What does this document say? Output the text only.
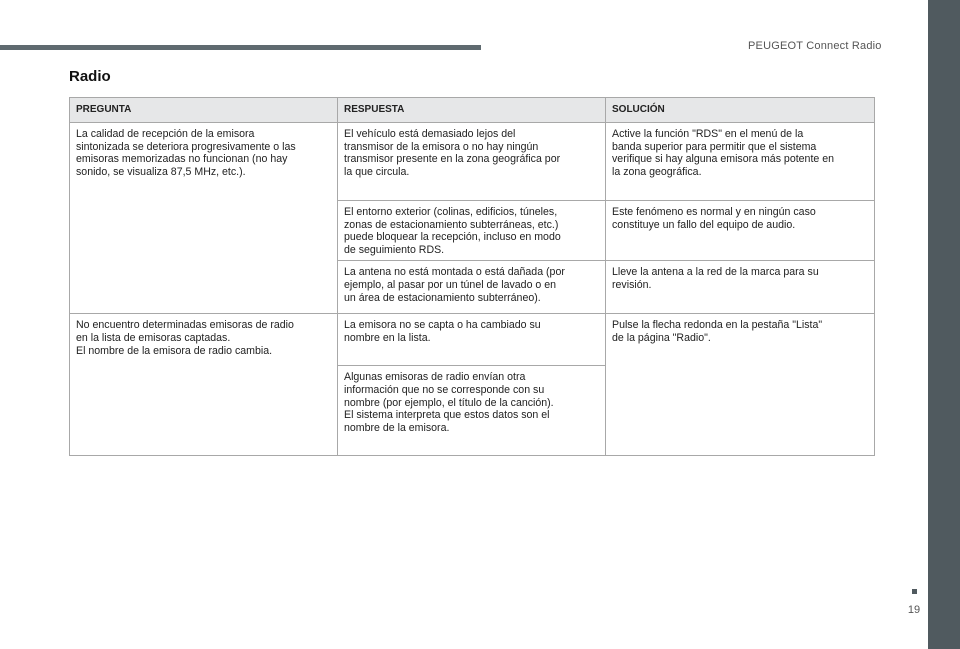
PEUGEOT Connect Radio
Radio
PREGUNTA	RESPUESTA	SOLUCIÓN

La calidad de recepción de la emisora
sintonizada se deteriora progresivamente o las
emisoras memorizadas no funcionan (no hay
sonido, se visualiza 87,5 MHz, etc.).	El vehículo está demasiado lejos del
transmisor de la emisora o no hay ningún
transmisor presente en la zona geográfica por
la que circula.	Active la función "RDS" en el menú de la
banda superior para permitir que el sistema
verifique si hay alguna emisora más potente en
la zona geográfica.

	El entorno exterior (colinas, edificios, túneles,
zonas de estacionamiento subterráneas, etc.)
puede bloquear la recepción, incluso en modo
de seguimiento RDS.	Este fenómeno es normal y en ningún caso
constituye un fallo del equipo de audio.

	La antena no está montada o está dañada (por
ejemplo, al pasar por un túnel de lavado o en
un área de estacionamiento subterráneo).	Lleve la antena a la red de la marca para su
revisión.

No encuentro determinadas emisoras de radio
en la lista de emisoras captadas.
El nombre de la emisora de radio cambia.	La emisora no se capta o ha cambiado su
nombre en la lista.	Pulse la flecha redonda en la pestaña "Lista"
de la página "Radio".

	Algunas emisoras de radio envían otra
información que no se corresponde con su
nombre (por ejemplo, el título de la canción).
El sistema interpreta que estos datos son el
nombre de la emisora.	
19
